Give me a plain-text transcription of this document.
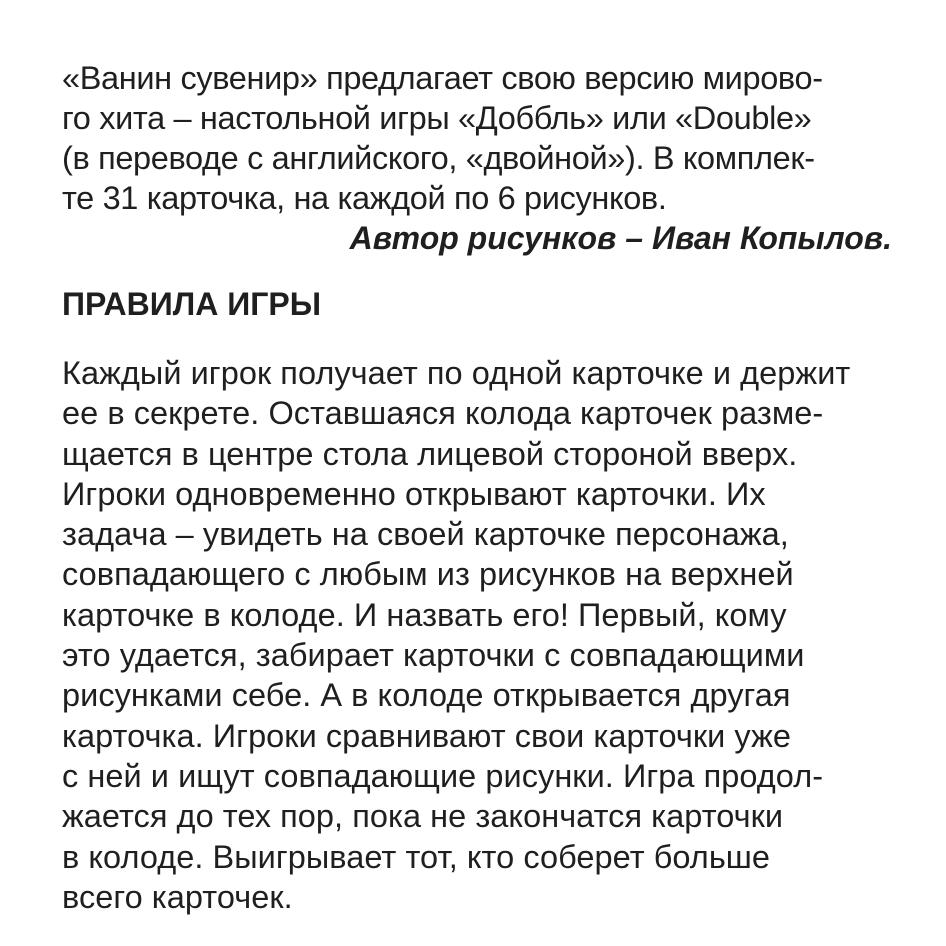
«Ванин сувенир» предлагает свою версию мирово-
го хита – настольной игры «Доббль» или «Double»
(в переводе с английского, «двойной»). В комплек-
те 31 карточка, на каждой по 6 рисунков.
Автор рисунков – Иван Копылов.
ПРАВИЛА ИГРЫ
Каждый игрок получает по одной карточке и держит
ее в секрете. Оставшаяся колода карточек разме-
щается в центре стола лицевой стороной вверх.
Игроки одновременно открывают карточки. Их
задача – увидеть на своей карточке персонажа,
совпадающего с любым из рисунков на верхней
карточке в колоде. И назвать его! Первый, кому
это удается, забирает карточки с совпадающими
рисунками себе. А в колоде открывается другая
карточка. Игроки сравнивают свои карточки уже
с ней и ищут совпадающие рисунки. Игра продол-
жается до тех пор, пока не закончатся карточки
в колоде. Выигрывает тот, кто соберет больше
всего карточек.
